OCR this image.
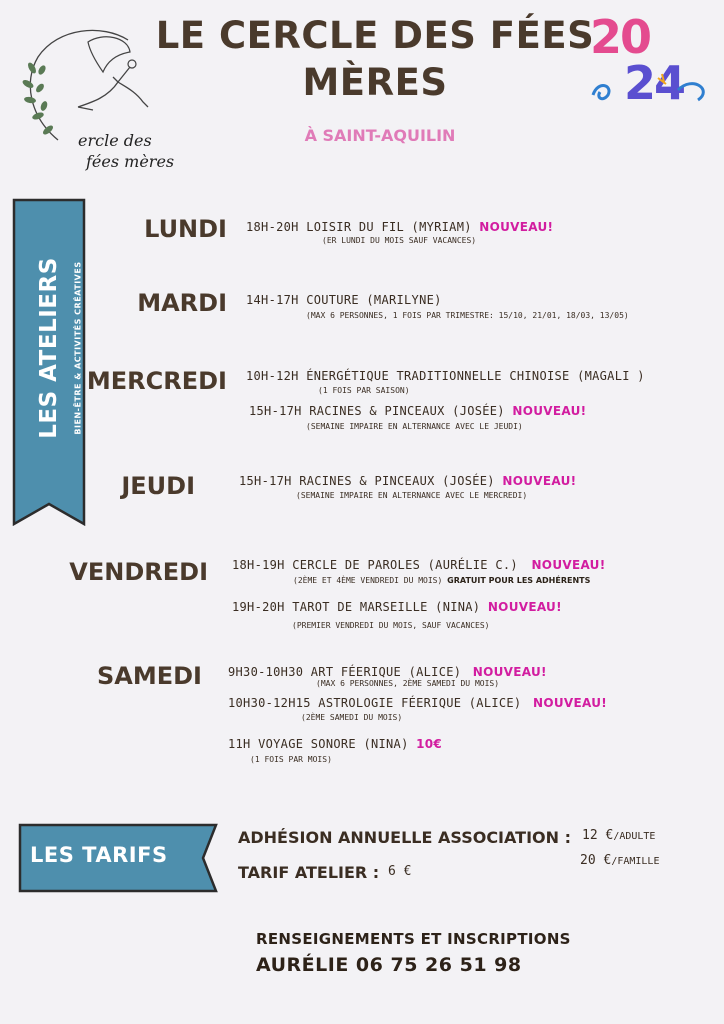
ercle des
fées mères
LE CERCLE DES FÉES
MÈRES
À SAINT-AQUILIN
20
24
LES ATELIERS BIEN-ÊTRE & ACTIVITÉS CRÉATIVES
LUNDI 18H-20H LOISIR DU FIL (MYRIAM) NOUVEAU!
(ER LUNDI DU MOIS SAUF VACANCES)
MARDI 14H-17H COUTURE (MARILYNE)
(MAX 6 PERSONNES, 1 FOIS PAR TRIMESTRE: 15/10, 21/01, 18/03, 13/05)
MERCREDI 10H-12H ÉNERGÉTIQUE TRADITIONNELLE CHINOISE (MAGALI )
(1 FOIS PAR SAISON)
15H-17H RACINES & PINCEAUX (JOSÉE) NOUVEAU!
(SEMAINE IMPAIRE EN ALTERNANCE AVEC LE JEUDI)
JEUDI	15H-17H RACINES & PINCEAUX (JOSÉE) NOUVEAU!
(SEMAINE IMPAIRE EN ALTERNANCE AVEC LE MERCREDI)
VENDREDI 18H-19H CERCLE DE PAROLES (AURÉLIE C.) NOUVEAU!
(2ÈME ET 4ÈME VENDREDI DU MOIS) GRATUIT POUR LES ADHÉRENTS
19H-20H TAROT DE MARSEILLE (NINA) NOUVEAU!
(PREMIER VENDREDI DU MOIS, SAUF VACANCES)
SAMEDI 9H30-10H30 ART FÉERIQUE (ALICE) NOUVEAU!
(MAX 6 PERSONNES, 2ÈME SAMEDI DU MOIS)
10H30-12H15 ASTROLOGIE FÉERIQUE (ALICE) NOUVEAU!
(2ÈME SAMEDI DU MOIS)
11H VOYAGE SONORE (NINA) 10€
(1 FOIS PAR MOIS)
LES TARIFS
ADHÉSION ANNUELLE ASSOCIATION : 12 €/ADULTE
20 €/FAMILLE
TARIF ATELIER : 6 €
RENSEIGNEMENTS ET INSCRIPTIONS
AURÉLIE 06 75 26 51 98
